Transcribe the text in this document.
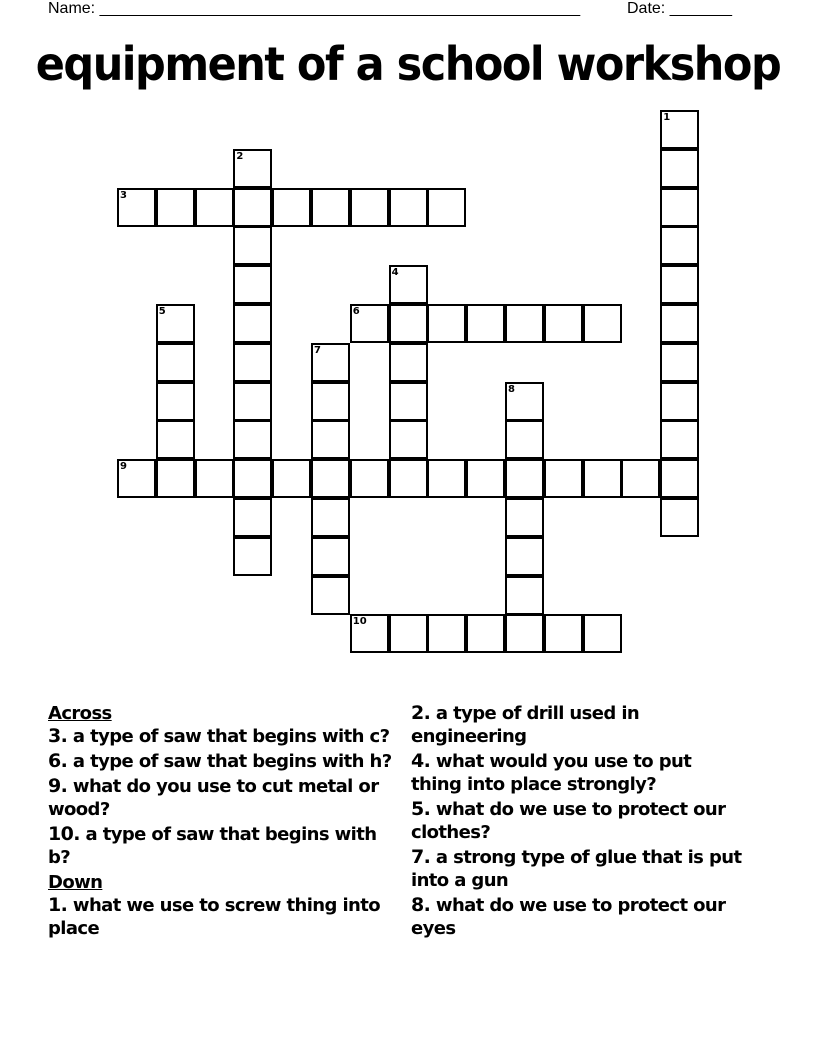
Name: ______________________________________________________	Date: _______
equipment of a school workshop
1
2
3
4
5	6
7
8
9
10
Across
3. a type of saw that begins with c?
6. a type of saw that begins with h?
9. what do you use to cut metal or wood?
10. a type of saw that begins with b?
Down
1. what we use to screw thing into place
2. a type of drill used in engineering
4. what would you use to put thing into place strongly?
5. what do we use to protect our clothes?
7. a strong type of glue that is put into a gun
8. what do we use to protect our eyes
